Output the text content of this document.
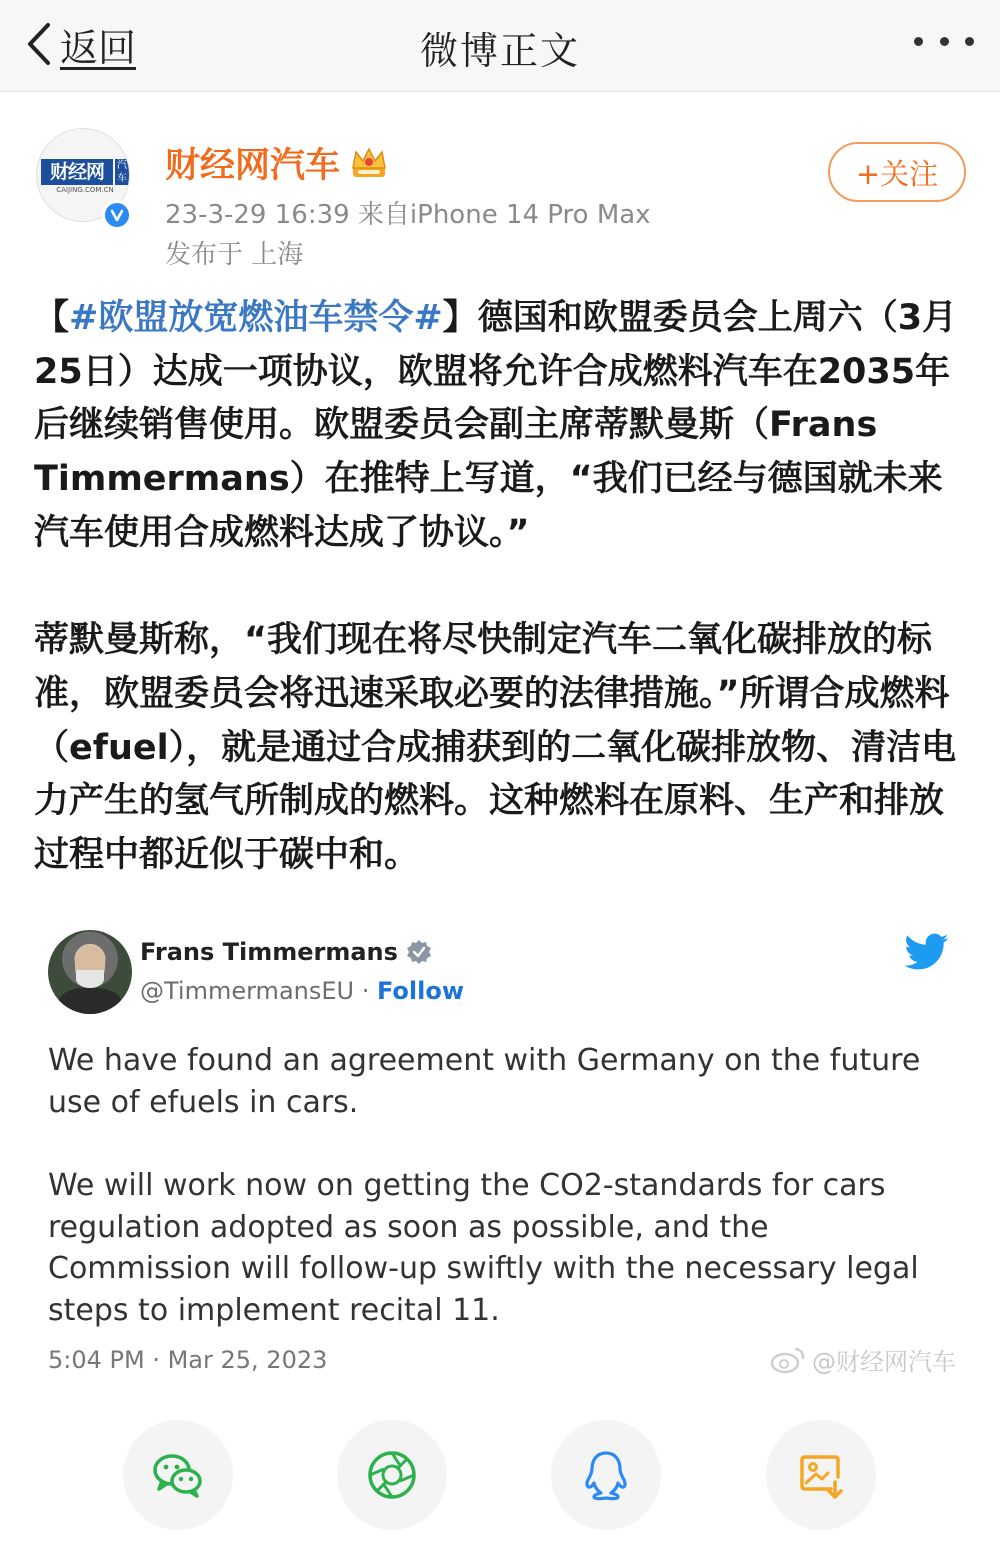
返回	微博正文
财经网	汽车
CAIJING.COM.CN
财经网汽车
23-3-29 16:39 来自iPhone 14 Pro Max
发布于 上海
+关注

【#欧盟放宽燃油车禁令#】德国和欧盟委员会上周六（3月25日）达成一项协议，欧盟将允许合成燃料汽车在2035年后继续销售使用。欧盟委员会副主席蒂默曼斯（Frans Timmermans）在推特上写道，“我们已经与德国就未来汽车使用合成燃料达成了协议。”

蒂默曼斯称，“我们现在将尽快制定汽车二氧化碳排放的标准，欧盟委员会将迅速采取必要的法律措施。”所谓合成燃料（efuel），就是通过合成捕获到的二氧化碳排放物、清洁电力产生的氢气所制成的燃料。这种燃料在原料、生产和排放过程中都近似于碳中和。

Frans Timmermans
@TimmermansEU · Follow

We have found an agreement with Germany on the future use of efuels in cars.

We will work now on getting the CO2-standards for cars regulation adopted as soon as possible, and the Commission will follow-up swiftly with the necessary legal steps to implement recital 11.

5:04 PM · Mar 25, 2023	@财经网汽车
